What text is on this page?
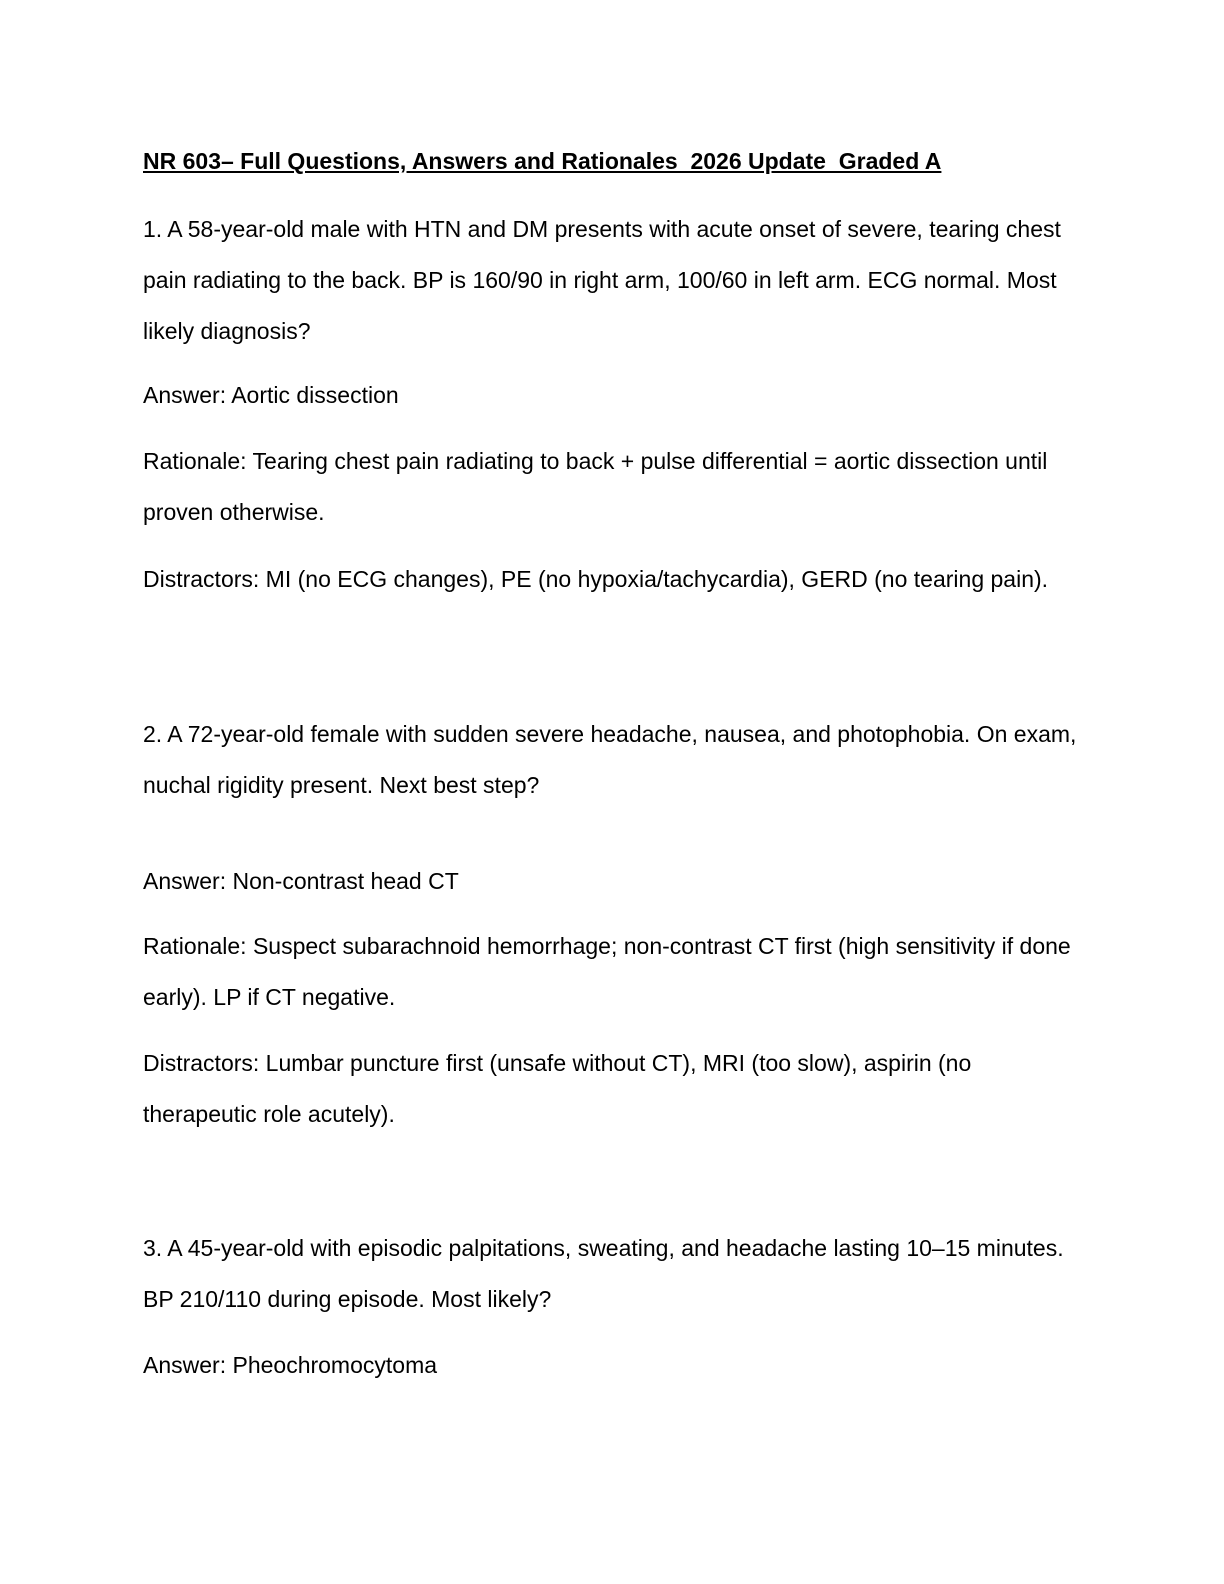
NR 603– Full Questions, Answers and Rationales  2026 Update  Graded A

1. A 58-year-old male with HTN and DM presents with acute onset of severe, tearing chest pain radiating to the back. BP is 160/90 in right arm, 100/60 in left arm. ECG normal. Most likely diagnosis?

Answer: Aortic dissection

Rationale: Tearing chest pain radiating to back + pulse differential = aortic dissection until proven otherwise.

Distractors: MI (no ECG changes), PE (no hypoxia/tachycardia), GERD (no tearing pain).

2. A 72-year-old female with sudden severe headache, nausea, and photophobia. On exam, nuchal rigidity present. Next best step?

Answer: Non-contrast head CT

Rationale: Suspect subarachnoid hemorrhage; non-contrast CT first (high sensitivity if done early). LP if CT negative.

Distractors: Lumbar puncture first (unsafe without CT), MRI (too slow), aspirin (no therapeutic role acutely).

3. A 45-year-old with episodic palpitations, sweating, and headache lasting 10–15 minutes. BP 210/110 during episode. Most likely?

Answer: Pheochromocytoma
